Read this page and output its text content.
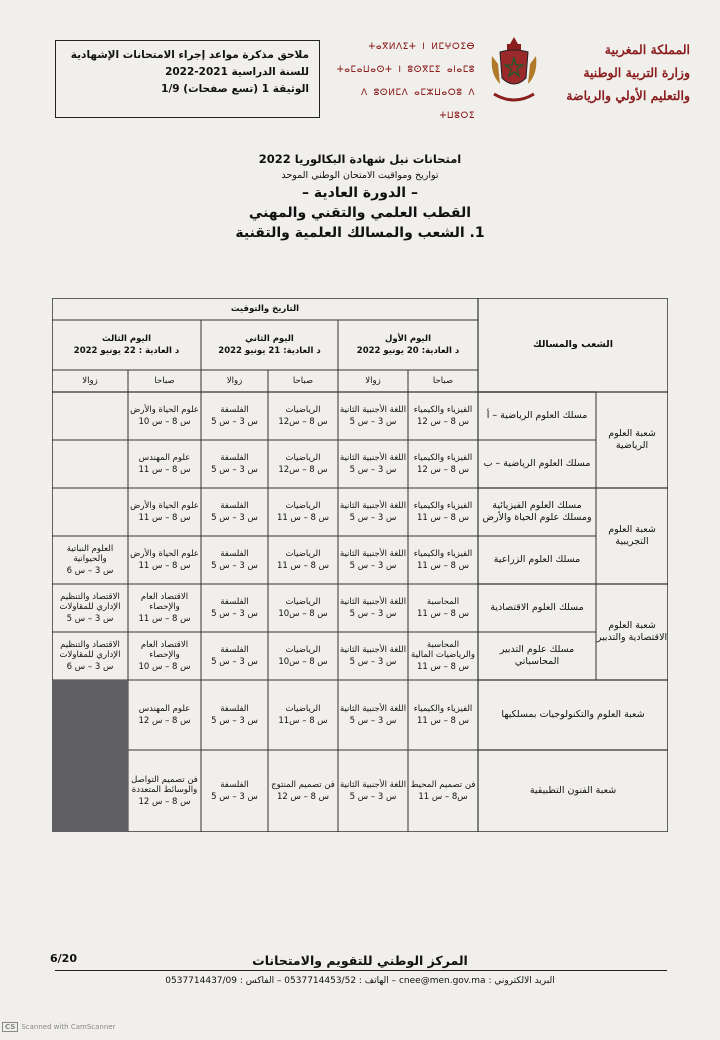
ملاحق مذكرة مواعد إجراء الامتحانات الإشهادية
للسنة الدراسية 2021-2022
الوثيقة 1 (تسع صفحات) 1/9
ⵜⴰⴳⵍⴷⵉⵜ ⵏ ⵍⵎⵖⵔⵉⴱ
ⵜⴰⵎⴰⵡⴰⵙⵜ ⵏ ⵓⵙⴳⵎⵉ ⴰⵏⴰⵎⵓ
ⴷ ⵓⵙⵍⵎⴷ ⴰⵎⵣⵡⴰⵔⵓ ⴷ ⵜⵡⵓⵔⵉ
المملكة المغربية
وزارة التربية الوطنية
والتعليم الأولي والرياضة
امتحانات نيل شهادة البكالوريا 2022
تواريخ ومواقيت الامتحان الوطني الموحد
– الدورة العادية –
القطب العلمي والتقني والمهني
1. الشعب والمسالك العلمية والتقنية
التاريخ والتوقيت
اليوم الأول
د العادية: 20 يونيو 2022
اليوم الثاني
د العادية: 21 يونيو 2022
اليوم الثالث
د العادية : 22 يونيو 2022
الشعب والمسالك
صباحا
زوالا
صباحا
زوالا
صباحا
زوالا
الفيزياء والكيمياء
س 8 – س 12
اللغة الأجنبية الثانية
س 3 – س 5
الرياضيات
س 8 – س12
الفلسفة
س 3 – س 5
علوم الحياة والأرض
س 8 – س 10
مسلك العلوم الرياضية – أ
الفيزياء والكيمياء
س 8 – س 12
اللغة الأجنبية الثانية
س 3 – س 5
الرياضيات
س 8 – س12
الفلسفة
س 3 – س 5
علوم المهندس
س 8 – س 11
مسلك العلوم الرياضية – ب
الفيزياء والكيمياء
س 8 – س 11
اللغة الأجنبية الثانية
س 3 – س 5
الرياضيات
س 8 – س 11
الفلسفة
س 3 – س 5
علوم الحياة والأرض
س 8 – س 11
مسلك العلوم الفيزيائية ومسلك علوم الحياة والأرض
الفيزياء والكيمياء
س 8 – س 11
اللغة الأجنبية الثانية
س 3 – س 5
الرياضيات
س 8 – س 11
الفلسفة
س 3 – س 5
علوم الحياة والأرض
س 8 – س 11
العلوم النباتية والحيوانية
س 3 – س 6
مسلك العلوم الزراعية
المحاسبة
س 8 – س 11
اللغة الأجنبية الثانية
س 3 – س 5
الرياضيات
س 8 – س10
الفلسفة
س 3 – س 5
الاقتصاد العام والإحصاء
س 8 – س 11
الاقتصاد والتنظيم الإداري للمقاولات
س 3 – س 5
مسلك العلوم الاقتصادية
المحاسبة والرياضيات المالية
س 8 – س 11
اللغة الأجنبية الثانية
س 3 – س 5
الرياضيات
س 8 – س10
الفلسفة
س 3 – س 5
الاقتصاد العام والإحصاء
س 8 – س 10
الاقتصاد والتنظيم الإداري للمقاولات
س 3 – س 6
مسلك علوم التدبير المحاسباتي
الفيزياء والكيمياء
س 8 – س 11
اللغة الأجنبية الثانية
س 3 – س 5
الرياضيات
س 8 – س11
الفلسفة
س 3 – س 5
علوم المهندس
س 8 – س 12
فن تصميم المحيط
س8 – س 11
اللغة الأجنبية الثانية
س 3 – س 5
فن تصميم المنتوج
س 8 – س 12
الفلسفة
س 3 – س 5
فن تصميم التواصل والوسائط المتعددة
س 8 – س 12
شعبة العلوم الرياضية
شعبة العلوم التجريبية
شعبة العلوم الاقتصادية والتدبير
شعبة العلوم والتكنولوجيات بمسلكيها
شعبة الفنون التطبيقية
6/20	المركز الوطني للتقويم والامتحانات
البريد الالكتروني : cnee@men.gov.ma – الهاتف : 0537714453/52 – الفاكس : 0537714437/09
CS Scanned with CamScanner
